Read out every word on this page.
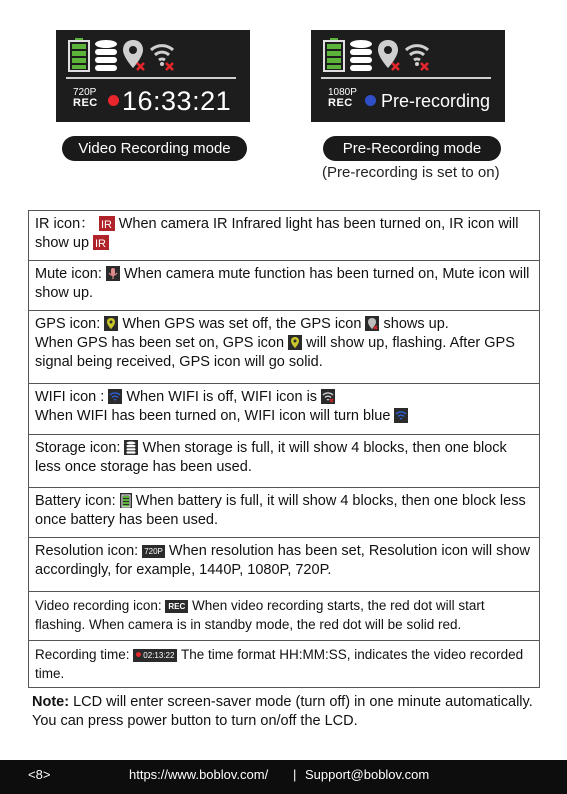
720P
REC 16:33:21	1080P
REC Pre-recording
Video Recording mode	Pre-Recording mode
(Pre-recording is set to on)
IR icon： IR When camera IR Infrared light has been turned on, IR icon will show up IR
Mute icon:  When camera mute function has been turned on, Mute icon will show up.
GPS icon:  When GPS was set off, the GPS icon  shows up.
When GPS has been set on, GPS icon  will show up, flashing. After GPS signal being received, GPS icon will go solid.
WIFI icon :  When WIFI is off, WIFI icon is
When WIFI has been turned on, WIFI icon will turn blue
Storage icon:  When storage is full, it will show 4 blocks, then one block less once storage has been used.
Battery icon:  When battery is full, it will show 4 blocks, then one block less once battery has been used.
Resolution icon: 720P When resolution has been set, Resolution icon will show accordingly, for example, 1440P, 1080P, 720P.
Video recording icon: REC When video recording starts, the red dot will start flashing. When camera is in standby mode, the red dot will be solid red.
Recording time: 02:13:22 The time format HH:MM:SS, indicates the video recorded time.
Note: LCD will enter screen-saver mode (turn off) in one minute automatically. You can press power button to turn on/off the LCD.
<8>	https://www.boblov.com/ | Support@boblov.com
